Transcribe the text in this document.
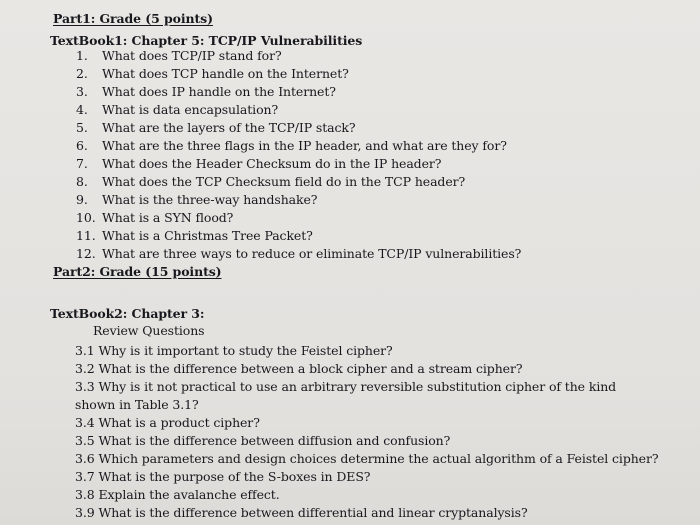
Part1: Grade (5 points)
TextBook1: Chapter 5: TCP/IP Vulnerabilities
1. What does TCP/IP stand for?
2. What does TCP handle on the Internet?
3. What does IP handle on the Internet?
4. What is data encapsulation?
5. What are the layers of the TCP/IP stack?
6. What are the three flags in the IP header, and what are they for?
7. What does the Header Checksum do in the IP header?
8. What does the TCP Checksum field do in the TCP header?
9. What is the three-way handshake?
10. What is a SYN flood?
11. What is a Christmas Tree Packet?
12. What are three ways to reduce or eliminate TCP/IP vulnerabilities?
Part2: Grade (15 points)
TextBook2: Chapter 3:
Review Questions
3.1 Why is it important to study the Feistel cipher?
3.2 What is the difference between a block cipher and a stream cipher?
3.3 Why is it not practical to use an arbitrary reversible substitution cipher of the kind
shown in Table 3.1?
3.4 What is a product cipher?
3.5 What is the difference between diffusion and confusion?
3.6 Which parameters and design choices determine the actual algorithm of a Feistel cipher?
3.7 What is the purpose of the S-boxes in DES?
3.8 Explain the avalanche effect.
3.9 What is the difference between differential and linear cryptanalysis?
